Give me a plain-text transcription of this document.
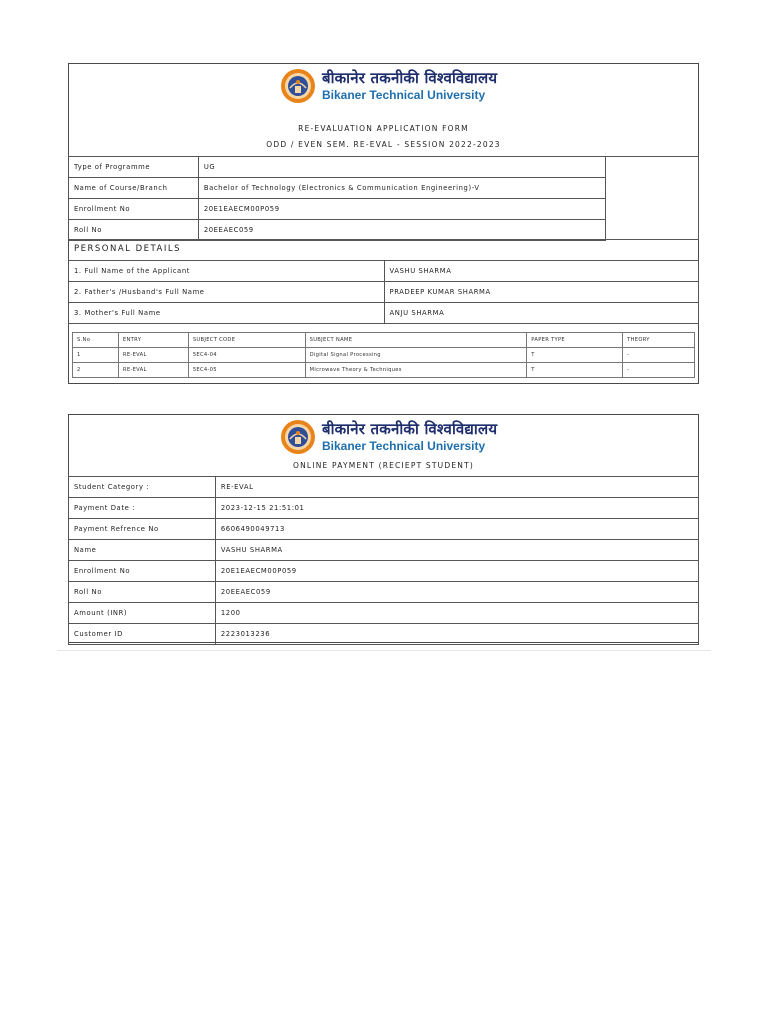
बीकानेर तकनीकी विश्वविद्यालय
Bikaner Technical University
RE-EVALUATION APPLICATION FORM
ODD / EVEN SEM. RE-EVAL - SESSION 2022-2023
Type of Programme	UG
Name of Course/Branch	Bachelor of Technology (Electronics & Communication Engineering)-V
Enrollment No	20E1EAECM00P059
Roll No	20EEAEC059
PERSONAL DETAILS
1. Full Name of the Applicant	VASHU SHARMA
2. Father's /Husband's Full Name	PRADEEP KUMAR SHARMA
3. Mother's Full Name	ANJU SHARMA
S.No	ENTRY	SUBJECT CODE	SUBJECT NAME	PAPER TYPE	THEORY
1	RE-EVAL	5EC4-04	Digital Signal Processing	T	-
2	RE-EVAL	5EC4-05	Microwave Theory & Techniques	T	-
बीकानेर तकनीकी विश्वविद्यालय
Bikaner Technical University
ONLINE PAYMENT (RECIEPT STUDENT)
Student Category :	RE-EVAL
Payment Date :	2023-12-15 21:51:01
Payment Refrence No	6606490049713
Name	VASHU SHARMA
Enrollment No	20E1EAECM00P059
Roll No	20EEAEC059
Amount (INR)	1200
Customer ID	2223013236
